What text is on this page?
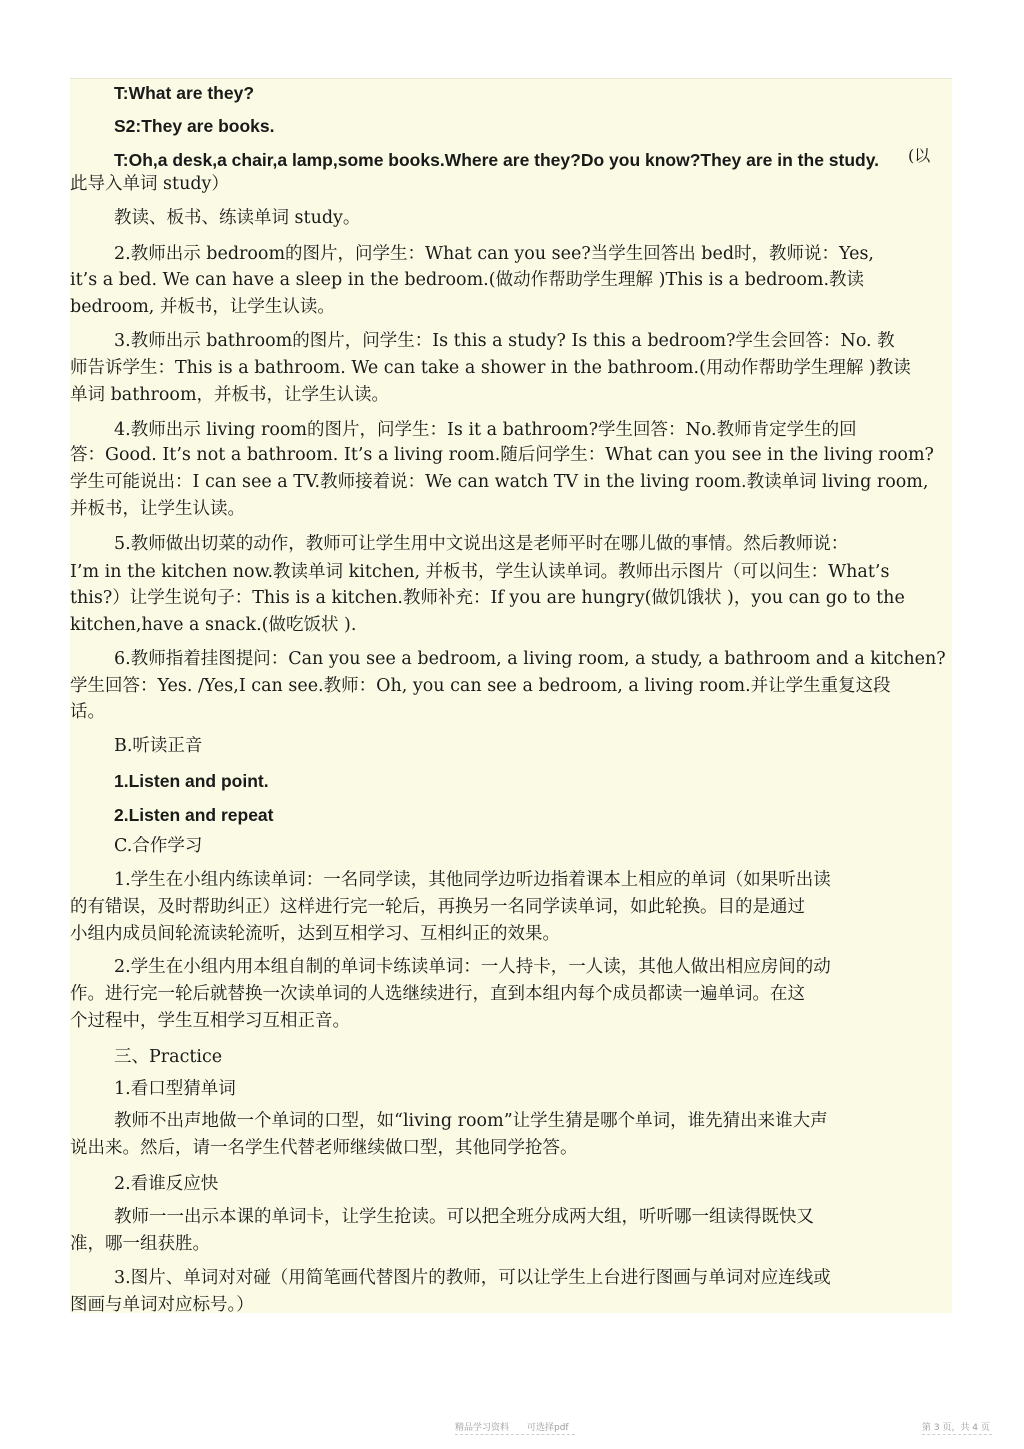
T:What are they?
S2:They are books.
T:Oh,a desk,a chair,a lamp,some books.Where are they?Do you know?They are in the study.
此导入单词 study）
教读、板书、练读单词 study。
2.教师出示 bedroom的图片，问学生：What can you see?当学生回答出 bed时，教师说：Yes,
it’s a bed. We can have a sleep in the bedroom.(做动作帮助学生理解 )This is a bedroom.教读
bedroom, 并板书，让学生认读。
3.教师出示 bathroom的图片，问学生：Is this a study? Is this a bedroom?学生会回答：No. 教
师告诉学生：This is a bathroom. We can take a shower in the bathroom.(用动作帮助学生理解 )教读
单词 bathroom，并板书，让学生认读。
4.教师出示 living room的图片，问学生：Is it a bathroom?学生回答：No.教师肯定学生的回
答：Good. It’s not a bathroom. It’s a living room.随后问学生：What can you see in the living room?
学生可能说出：I can see a TV.教师接着说：We can watch TV in the living room.教读单词 living room,
并板书，让学生认读。
5.教师做出切菜的动作，教师可让学生用中文说出这是老师平时在哪儿做的事情。然后教师说：
I’m in the kitchen now.教读单词 kitchen, 并板书，学生认读单词。教师出示图片（可以问生：What’s
this?）让学生说句子：This is a kitchen.教师补充：If you are hungry(做饥饿状 )，you can go to the
kitchen,have a snack.(做吃饭状 ).
6.教师指着挂图提问：Can you see a bedroom, a living room, a study, a bathroom and a kitchen?
学生回答：Yes. /Yes,I can see.教师：Oh, you can see a bedroom, a living room.并让学生重复这段
话。
B.听读正音
1.Listen and point.
2.Listen and repeat
C.合作学习
1.学生在小组内练读单词：一名同学读，其他同学边听边指着课本上相应的单词（如果听出读
的有错误，及时帮助纠正）这样进行完一轮后，再换另一名同学读单词，如此轮换。目的是通过
小组内成员间轮流读轮流听，达到互相学习、互相纠正的效果。
2.学生在小组内用本组自制的单词卡练读单词：一人持卡，一人读，其他人做出相应房间的动
作。进行完一轮后就替换一次读单词的人选继续进行，直到本组内每个成员都读一遍单词。在这
个过程中，学生互相学习互相正音。
三、Practice
1.看口型猜单词
教师不出声地做一个单词的口型，如“living room”让学生猜是哪个单词，谁先猜出来谁大声
说出来。然后，请一名学生代替老师继续做口型，其他同学抢答。
2.看谁反应快
教师一一出示本课的单词卡，让学生抢读。可以把全班分成两大组，听听哪一组读得既快又
准，哪一组获胜。
3.图片、单词对对碰（用简笔画代替图片的教师，可以让学生上台进行图画与单词对应连线或
图画与单词对应标号。）
(以
精品学习资料　　可选择pdf	第 3 页，共 4 页
